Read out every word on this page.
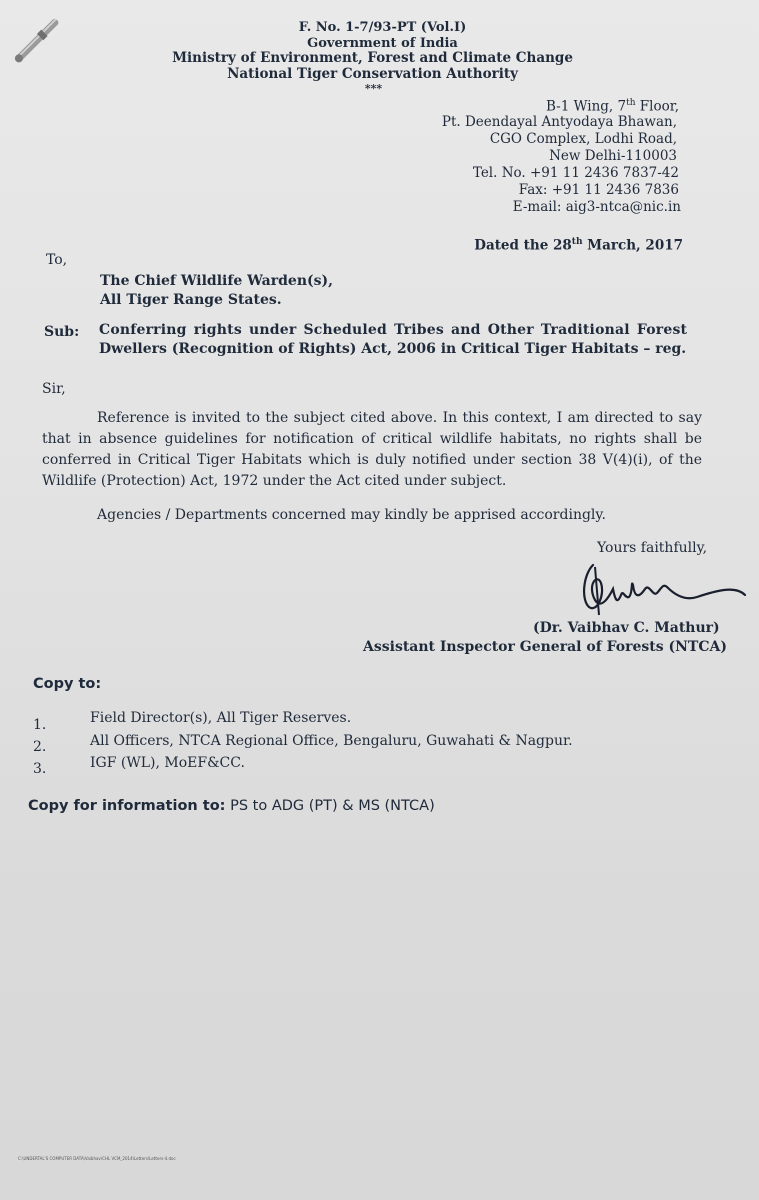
F. No. 1-7/93-PT (Vol.I)
Government of India
Ministry of Environment, Forest and Climate Change
National Tiger Conservation Authority
***
B-1 Wing, 7th Floor,
Pt. Deendayal Antyodaya Bhawan,
CGO Complex, Lodhi Road,
New Delhi-110003
Tel. No. +91 11 2436 7837-42
Fax: +91 11 2436 7836
E-mail: aig3-ntca@nic.in
Dated the 28th March, 2017
To,
The Chief Wildlife Warden(s),
All Tiger Range States.
Sub: Conferring rights under Scheduled Tribes and Other Traditional Forest
Dwellers (Recognition of Rights) Act, 2006 in Critical Tiger Habitats – reg.
Sir,
Reference is invited to the subject cited above. In this context, I am directed to say that in absence guidelines for notification of critical wildlife habitats, no rights shall be conferred in Critical Tiger Habitats which is duly notified under section 38 V(4)(i), of the Wildlife (Protection) Act, 1972 under the Act cited under subject.
Agencies / Departments concerned may kindly be apprised accordingly.
Yours faithfully,
(Dr. Vaibhav C. Mathur)
Assistant Inspector General of Forests (NTCA)
Copy to:
1.	Field Director(s), All Tiger Reserves.
2.	All Officers, NTCA Regional Office, Bengaluru, Guwahati & Nagpur.
3.	IGF (WL), MoEF&CC.
Copy for information to: PS to ADG (PT) & MS (NTCA)
C:\UNDERTAL'S COMPUTER DATA\Vaibhav\CHL VCM_2014\Letters\Letters-4.doc
